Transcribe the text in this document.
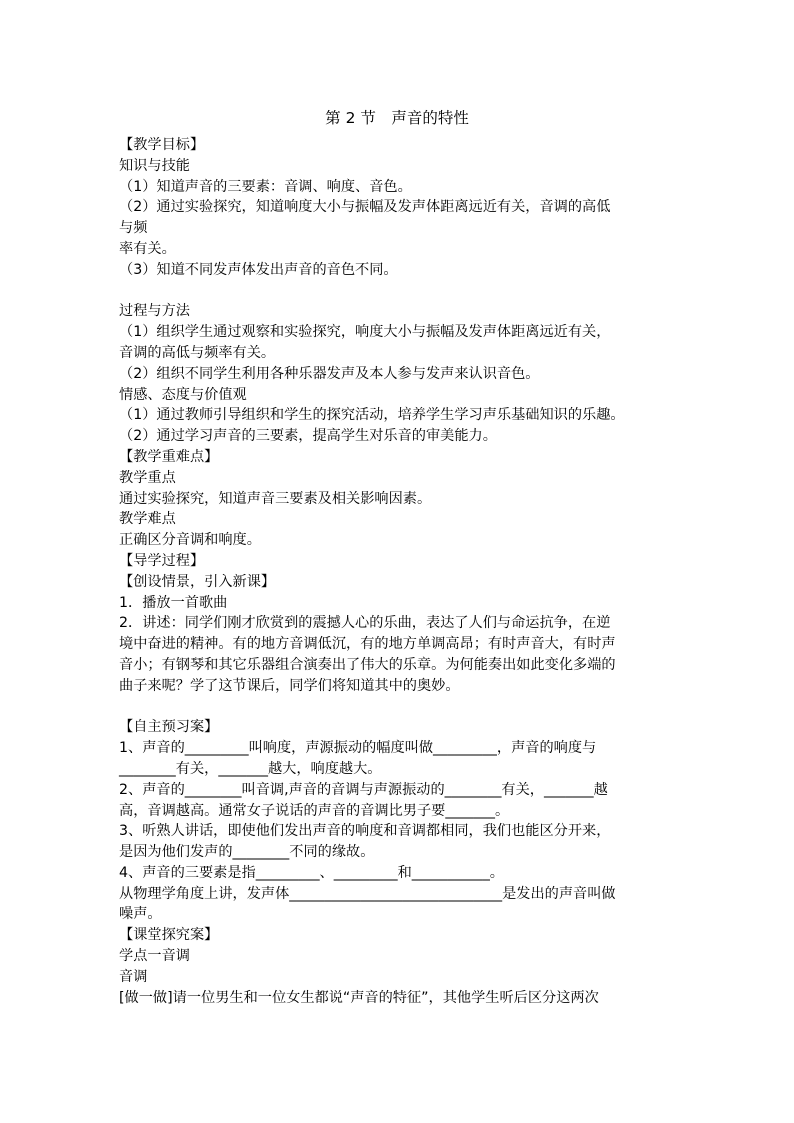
第 2 节　声音的特性
【教学目标】
知识与技能
（1）知道声音的三要素：音调、响度、音色。
（2）通过实验探究，知道响度大小与振幅及发声体距离远近有关，音调的高低
与频
率有关。
（3）知道不同发声体发出声音的音色不同。
过程与方法
（1）组织学生通过观察和实验探究，响度大小与振幅及发声体距离远近有关，
音调的高低与频率有关。
（2）组织不同学生利用各种乐器发声及本人参与发声来认识音色。
情感、态度与价值观
（1）通过教师引导组织和学生的探究活动，培养学生学习声乐基础知识的乐趣。
（2）通过学习声音的三要素，提高学生对乐音的审美能力。
【教学重难点】
教学重点
通过实验探究，知道声音三要素及相关影响因素。
教学难点
正确区分音调和响度。
【导学过程】
【创设情景，引入新课】
1．播放一首歌曲
2．讲述：同学们刚才欣赏到的震撼人心的乐曲，表达了人们与命运抗争，在逆
境中奋进的精神。有的地方音调低沉，有的地方单调高昂；有时声音大，有时声
音小；有钢琴和其它乐器组合演奏出了伟大的乐章。为何能奏出如此变化多端的
曲子来呢？学了这节课后，同学们将知道其中的奥妙。
【自主预习案】
1、声音的_________叫响度，声源振动的幅度叫做_________，声音的响度与
________有关，_______越大，响度越大。
2、声音的________叫音调,声音的音调与声源振动的________有关，_______越
高，音调越高。通常女子说话的声音的音调比男子要_______。
3、听熟人讲话，即使他们发出声音的响度和音调都相同，我们也能区分开来，
是因为他们发声的________不同的缘故。
4、声音的三要素是指_________、_________和___________。
从物理学角度上讲，发声体______________________________是发出的声音叫做
噪声。
【课堂探究案】
学点一音调
音调
[做一做]请一位男生和一位女生都说“声音的特征”，其他学生听后区分这两次
